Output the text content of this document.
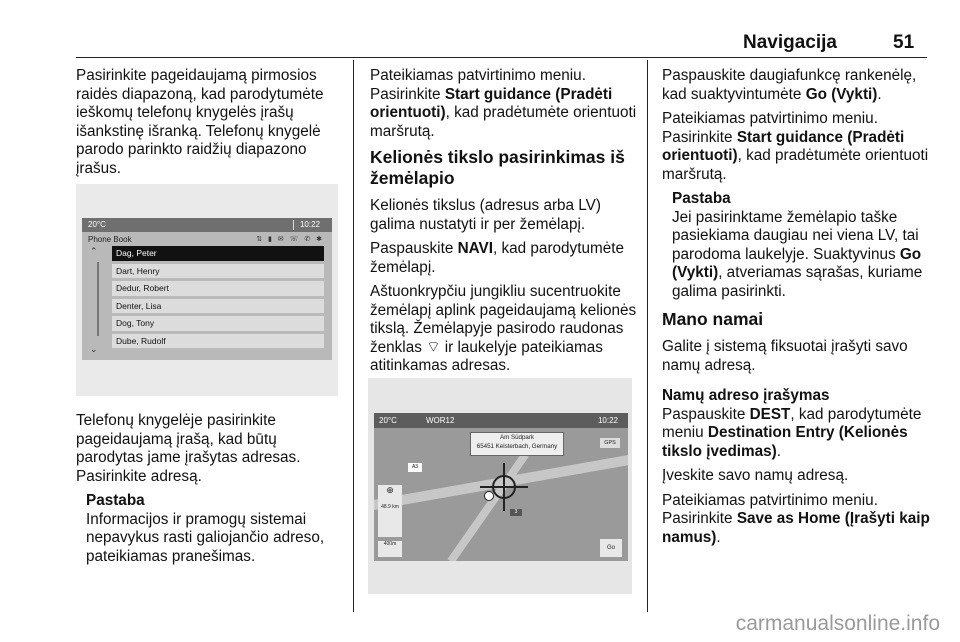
Navigacija	51

Pasirinkite pageidaujamą pirmosios raidės diapazoną, kad parodytumėte ieškomų telefonų knygelės įrašų išankstinę išranką. Telefonų knygelė parodo parinkto raidžių diapazono įrašus.

20°C	10:22
Phone Book	⇅ ▮ ✉ ☏ ✆ ✱
⌃
⌄
Dag, Peter
Dart, Henry
Dedur, Robert
Denter, Lisa
Dog, Tony
Dube, Rudolf

Telefonų knygelėje pasirinkite pageidaujamą įrašą, kad būtų parodytas jame įrašytas adresas. Pasirinkite adresą.

Pastaba

Informacijos ir pramogų sistemai nepavykus rasti galiojančio adreso, pateikiamas pranešimas.

Pateikiamas patvirtinimo meniu. Pasirinkite Start guidance (Pradėti orientuoti), kad pradėtumėte orientuoti maršrutą.

Kelionės tikslo pasirinkimas iš žemėlapio

Kelionės tikslus (adresus arba LV) galima nustatyti ir per žemėlapį.

Paspauskite NAVI, kad parodytumėte žemėlapį.

Aštuonkrypčiu jungikliu sucentruokite žemėlapį aplink pageidaujamą kelionės tikslą. Žemėlapyje pasirodo raudonas ženklas ⌔ ir laukelyje pateikiamas atitinkamas adresas.

20°C	WOR12	10:22
Am Südpark
65451 Kelsterbach, Germany	GPS
A3
⊕
48.9 km
400m
3
Go

Paspauskite daugiafunkcę rankenėlę, kad suaktyvintumėte Go (Vykti).

Pateikiamas patvirtinimo meniu. Pasirinkite Start guidance (Pradėti orientuoti), kad pradėtumėte orientuoti maršrutą.

Pastaba

Jei pasirinktame žemėlapio taške pasiekiama daugiau nei viena LV, tai parodoma laukelyje. Suaktyvinus Go (Vykti), atveriamas sąrašas, kuriame galima pasirinkti.

Mano namai

Galite į sistemą fiksuotai įrašyti savo namų adresą.

Namų adreso įrašymas

Paspauskite DEST, kad parodytumėte meniu Destination Entry (Kelionės tikslo įvedimas).

Įveskite savo namų adresą.

Pateikiamas patvirtinimo meniu. Pasirinkite Save as Home (Įrašyti kaip namus).

carmanualsonline.info
